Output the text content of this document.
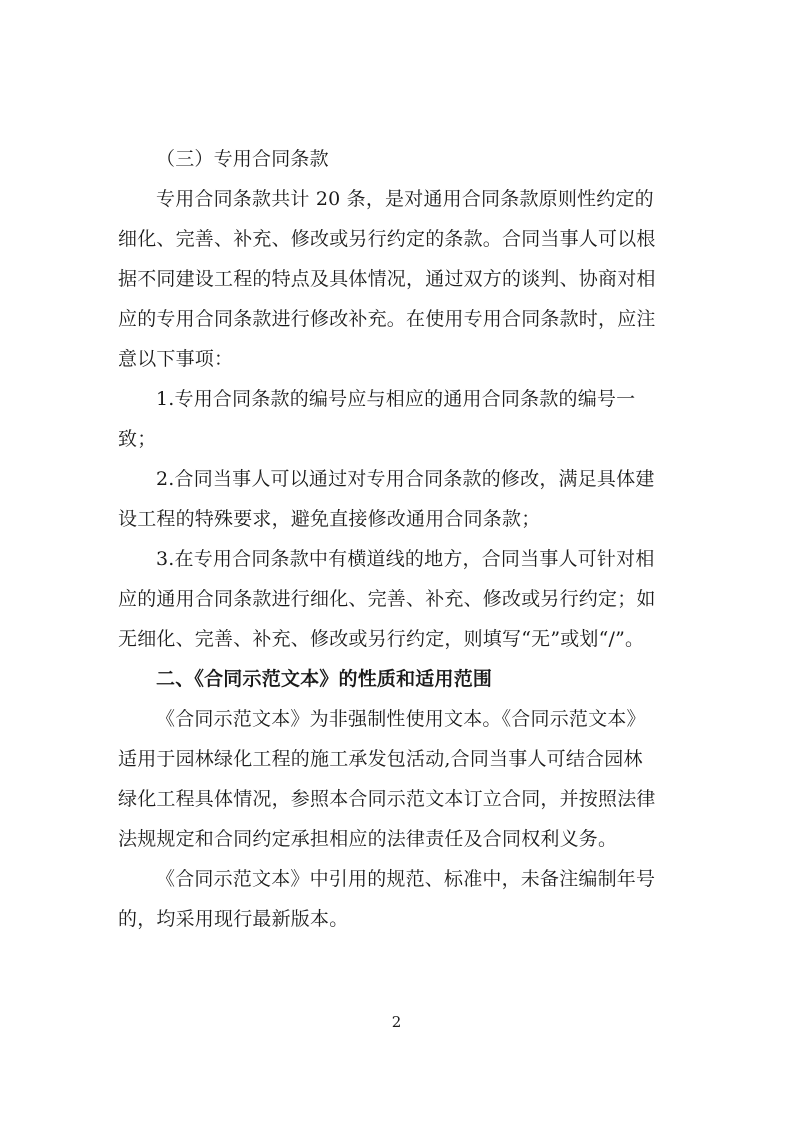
（三）专用合同条款
专用合同条款共计 20 条，是对通用合同条款原则性约定的
细化、完善、补充、修改或另行约定的条款。合同当事人可以根
据不同建设工程的特点及具体情况，通过双方的谈判、协商对相
应的专用合同条款进行修改补充。在使用专用合同条款时，应注
意以下事项：
1.专用合同条款的编号应与相应的通用合同条款的编号一
致；
2.合同当事人可以通过对专用合同条款的修改，满足具体建
设工程的特殊要求，避免直接修改通用合同条款；
3.在专用合同条款中有横道线的地方，合同当事人可针对相
应的通用合同条款进行细化、完善、补充、修改或另行约定；如
无细化、完善、补充、修改或另行约定，则填写“无”或划“/”。
二、《合同示范文本》的性质和适用范围
《合同示范文本》为非强制性使用文本。《合同示范文本》
适用于园林绿化工程的施工承发包活动,合同当事人可结合园林
绿化工程具体情况，参照本合同示范文本订立合同，并按照法律
法规规定和合同约定承担相应的法律责任及合同权利义务。
《合同示范文本》中引用的规范、标准中，未备注编制年号
的，均采用现行最新版本。
2
